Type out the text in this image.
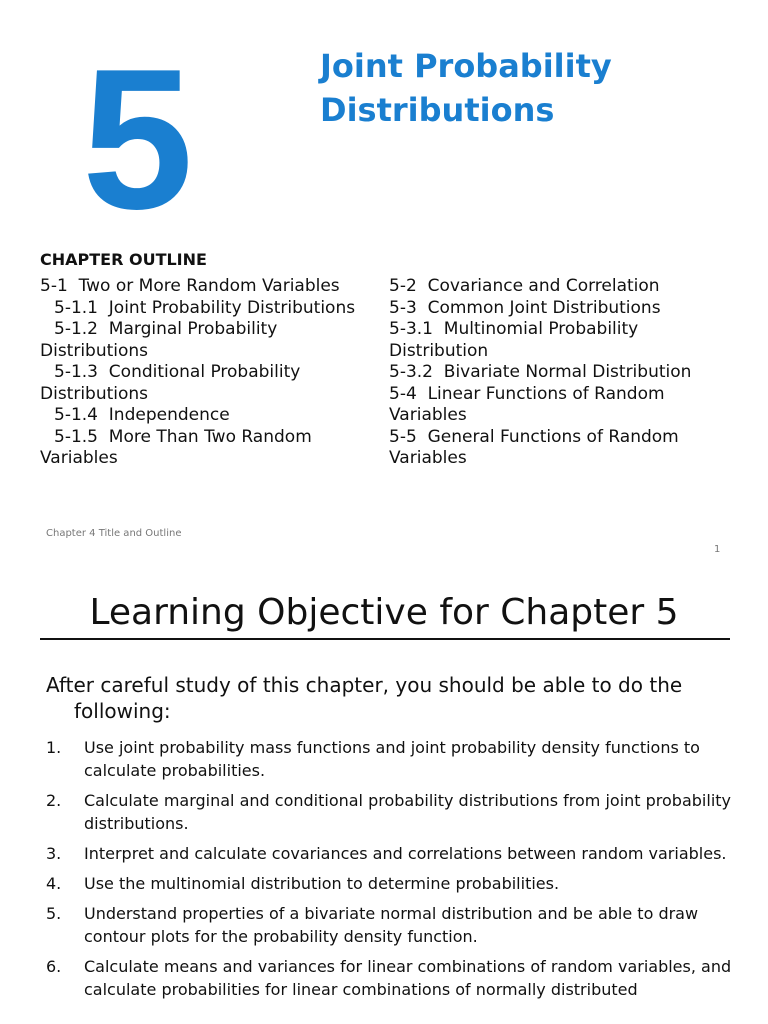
5	Joint Probability
Distributions
CHAPTER OUTLINE
5-1  Two or More Random Variables
5-1.1  Joint Probability Distributions
5-1.2  Marginal Probability
Distributions
5-1.3  Conditional Probability
Distributions
5-1.4  Independence
5-1.5  More Than Two Random
Variables
5-2  Covariance and Correlation
5-3  Common Joint Distributions
5-3.1  Multinomial Probability
Distribution
5-3.2  Bivariate Normal Distribution
5-4  Linear Functions of Random
Variables
5-5  General Functions of Random
Variables
Chapter 4 Title and Outline
1
Learning Objective for Chapter 5
After careful study of this chapter, you should be able to do the
following:
1. Use joint probability mass functions and joint probability density functions to calculate probabilities.
2. Calculate marginal and conditional probability distributions from joint probability distributions.
3. Interpret and calculate covariances and correlations between random variables.
4. Use the multinomial distribution to determine probabilities.
5. Understand properties of a bivariate normal distribution and be able to draw contour plots for the probability density function.
6. Calculate means and variances for linear combinations of random variables, and calculate probabilities for linear combinations of normally distributed
